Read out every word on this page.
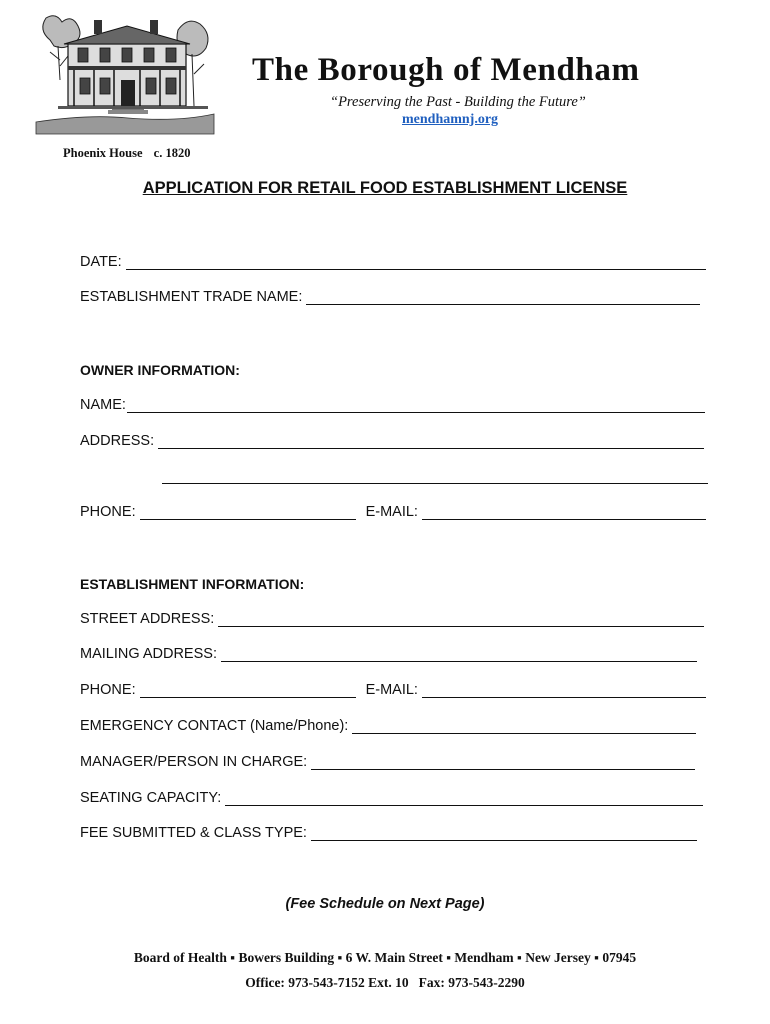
Phoenix House c. 1820
The Borough of Mendham
“Preserving the Past - Building the Future”
mendhamnj.org
APPLICATION FOR RETAIL FOOD ESTABLISHMENT LICENSE
DATE:
ESTABLISHMENT TRADE NAME:
OWNER INFORMATION:
NAME:
ADDRESS:
PHONE:	E-MAIL:
ESTABLISHMENT INFORMATION:
STREET ADDRESS:
MAILING ADDRESS:
PHONE:	E-MAIL:
EMERGENCY CONTACT (Name/Phone):
MANAGER/PERSON IN CHARGE:
SEATING CAPACITY:
FEE SUBMITTED & CLASS TYPE:
(Fee Schedule on Next Page)
Board of Health ▪ Bowers Building ▪ 6 W. Main Street ▪ Mendham ▪ New Jersey ▪ 07945
Office: 973-543-7152 Ext. 10 Fax: 973-543-2290
